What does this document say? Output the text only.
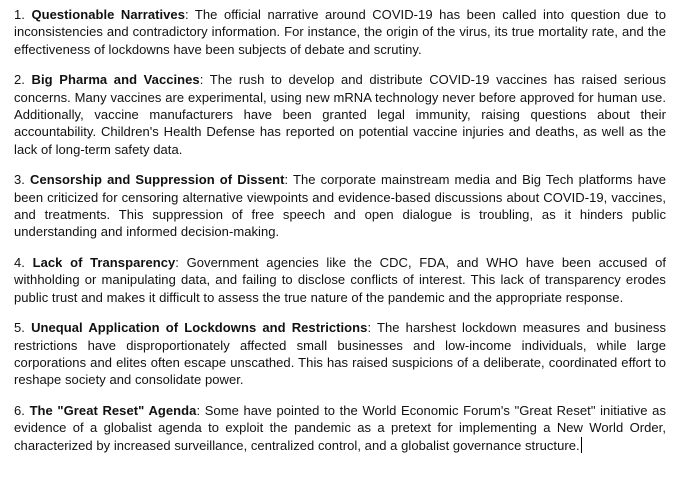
1. Questionable Narratives: The official narrative around COVID-19 has been called into question due to inconsistencies and contradictory information. For instance, the origin of the virus, its true mortality rate, and the effectiveness of lockdowns have been subjects of debate and scrutiny.

2. Big Pharma and Vaccines: The rush to develop and distribute COVID-19 vaccines has raised serious concerns. Many vaccines are experimental, using new mRNA technology never before approved for human use. Additionally, vaccine manufacturers have been granted legal immunity, raising questions about their accountability. Children's Health Defense has reported on potential vaccine injuries and deaths, as well as the lack of long-term safety data.

3. Censorship and Suppression of Dissent: The corporate mainstream media and Big Tech platforms have been criticized for censoring alternative viewpoints and evidence-based discussions about COVID-19, vaccines, and treatments. This suppression of free speech and open dialogue is troubling, as it hinders public understanding and informed decision-making.

4. Lack of Transparency: Government agencies like the CDC, FDA, and WHO have been accused of withholding or manipulating data, and failing to disclose conflicts of interest. This lack of transparency erodes public trust and makes it difficult to assess the true nature of the pandemic and the appropriate response.

5. Unequal Application of Lockdowns and Restrictions: The harshest lockdown measures and business restrictions have disproportionately affected small businesses and low-income individuals, while large corporations and elites often escape unscathed. This has raised suspicions of a deliberate, coordinated effort to reshape society and consolidate power.

6. The "Great Reset" Agenda: Some have pointed to the World Economic Forum's "Great Reset" initiative as evidence of a globalist agenda to exploit the pandemic as a pretext for implementing a New World Order, characterized by increased surveillance, centralized control, and a globalist governance structure.
